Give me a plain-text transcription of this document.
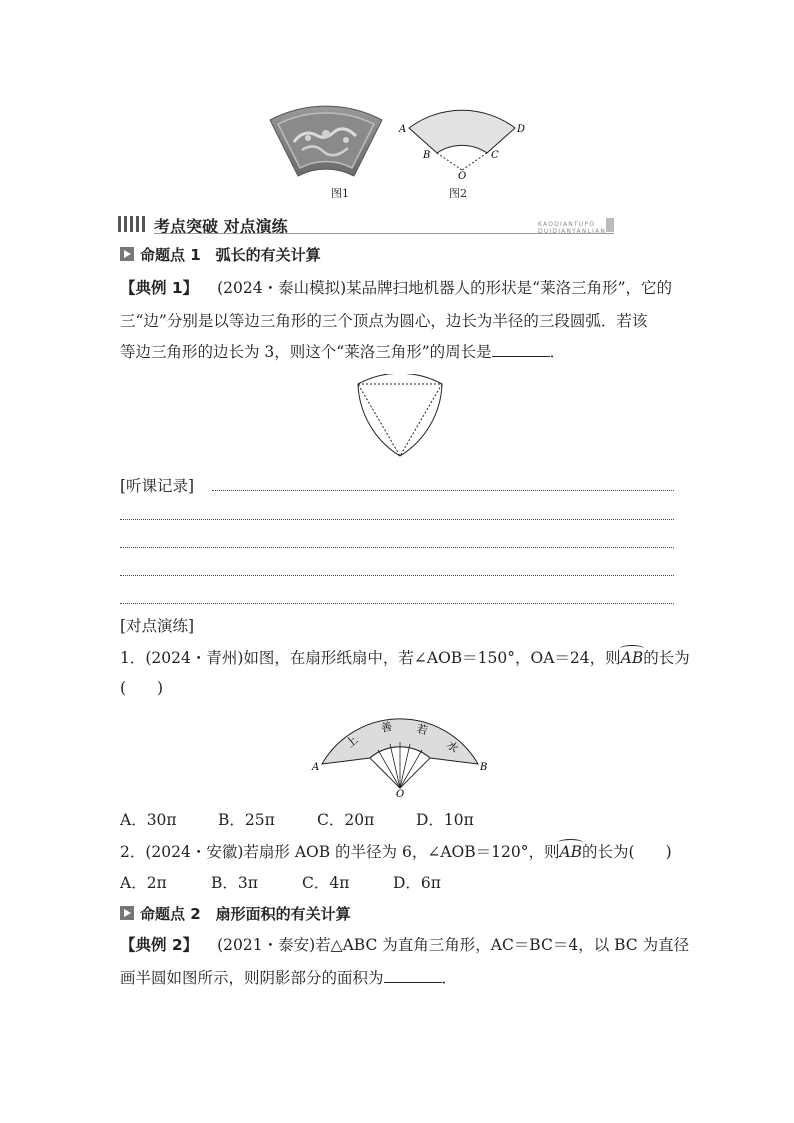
图1
A	D
B	C
O
图2
考点突破 对点演练	KAODIANTUPO DUIDIANYANLIAN
命题点 1　弧长的有关计算
【典例 1】 (2024・泰山模拟)某品牌扫地机器人的形状是“莱洛三角形”，它的
三“边”分别是以等边三角形的三个顶点为圆心，边长为半径的三段圆弧．若该
等边三角形的边长为 3，则这个“莱洛三角形”的周长是	．
[听课记录]
[对点演练]
1．(2024・青州)如图，在扇形纸扇中，若∠AOB＝150°，OA＝24，则AB的长为
(　　)
上
善 若
水
A	B
O
A．30π	B．25π	C．20π	D．10π
2．(2024・安徽)若扇形 AOB 的半径为 6，∠AOB＝120°，则AB的长为(　　)
A．2π	B．3π	C．4π	D．6π
命题点 2　扇形面积的有关计算
【典例 2】 (2021・泰安)若△ABC 为直角三角形，AC＝BC＝4，以 BC 为直径
画半圆如图所示，则阴影部分的面积为	．
